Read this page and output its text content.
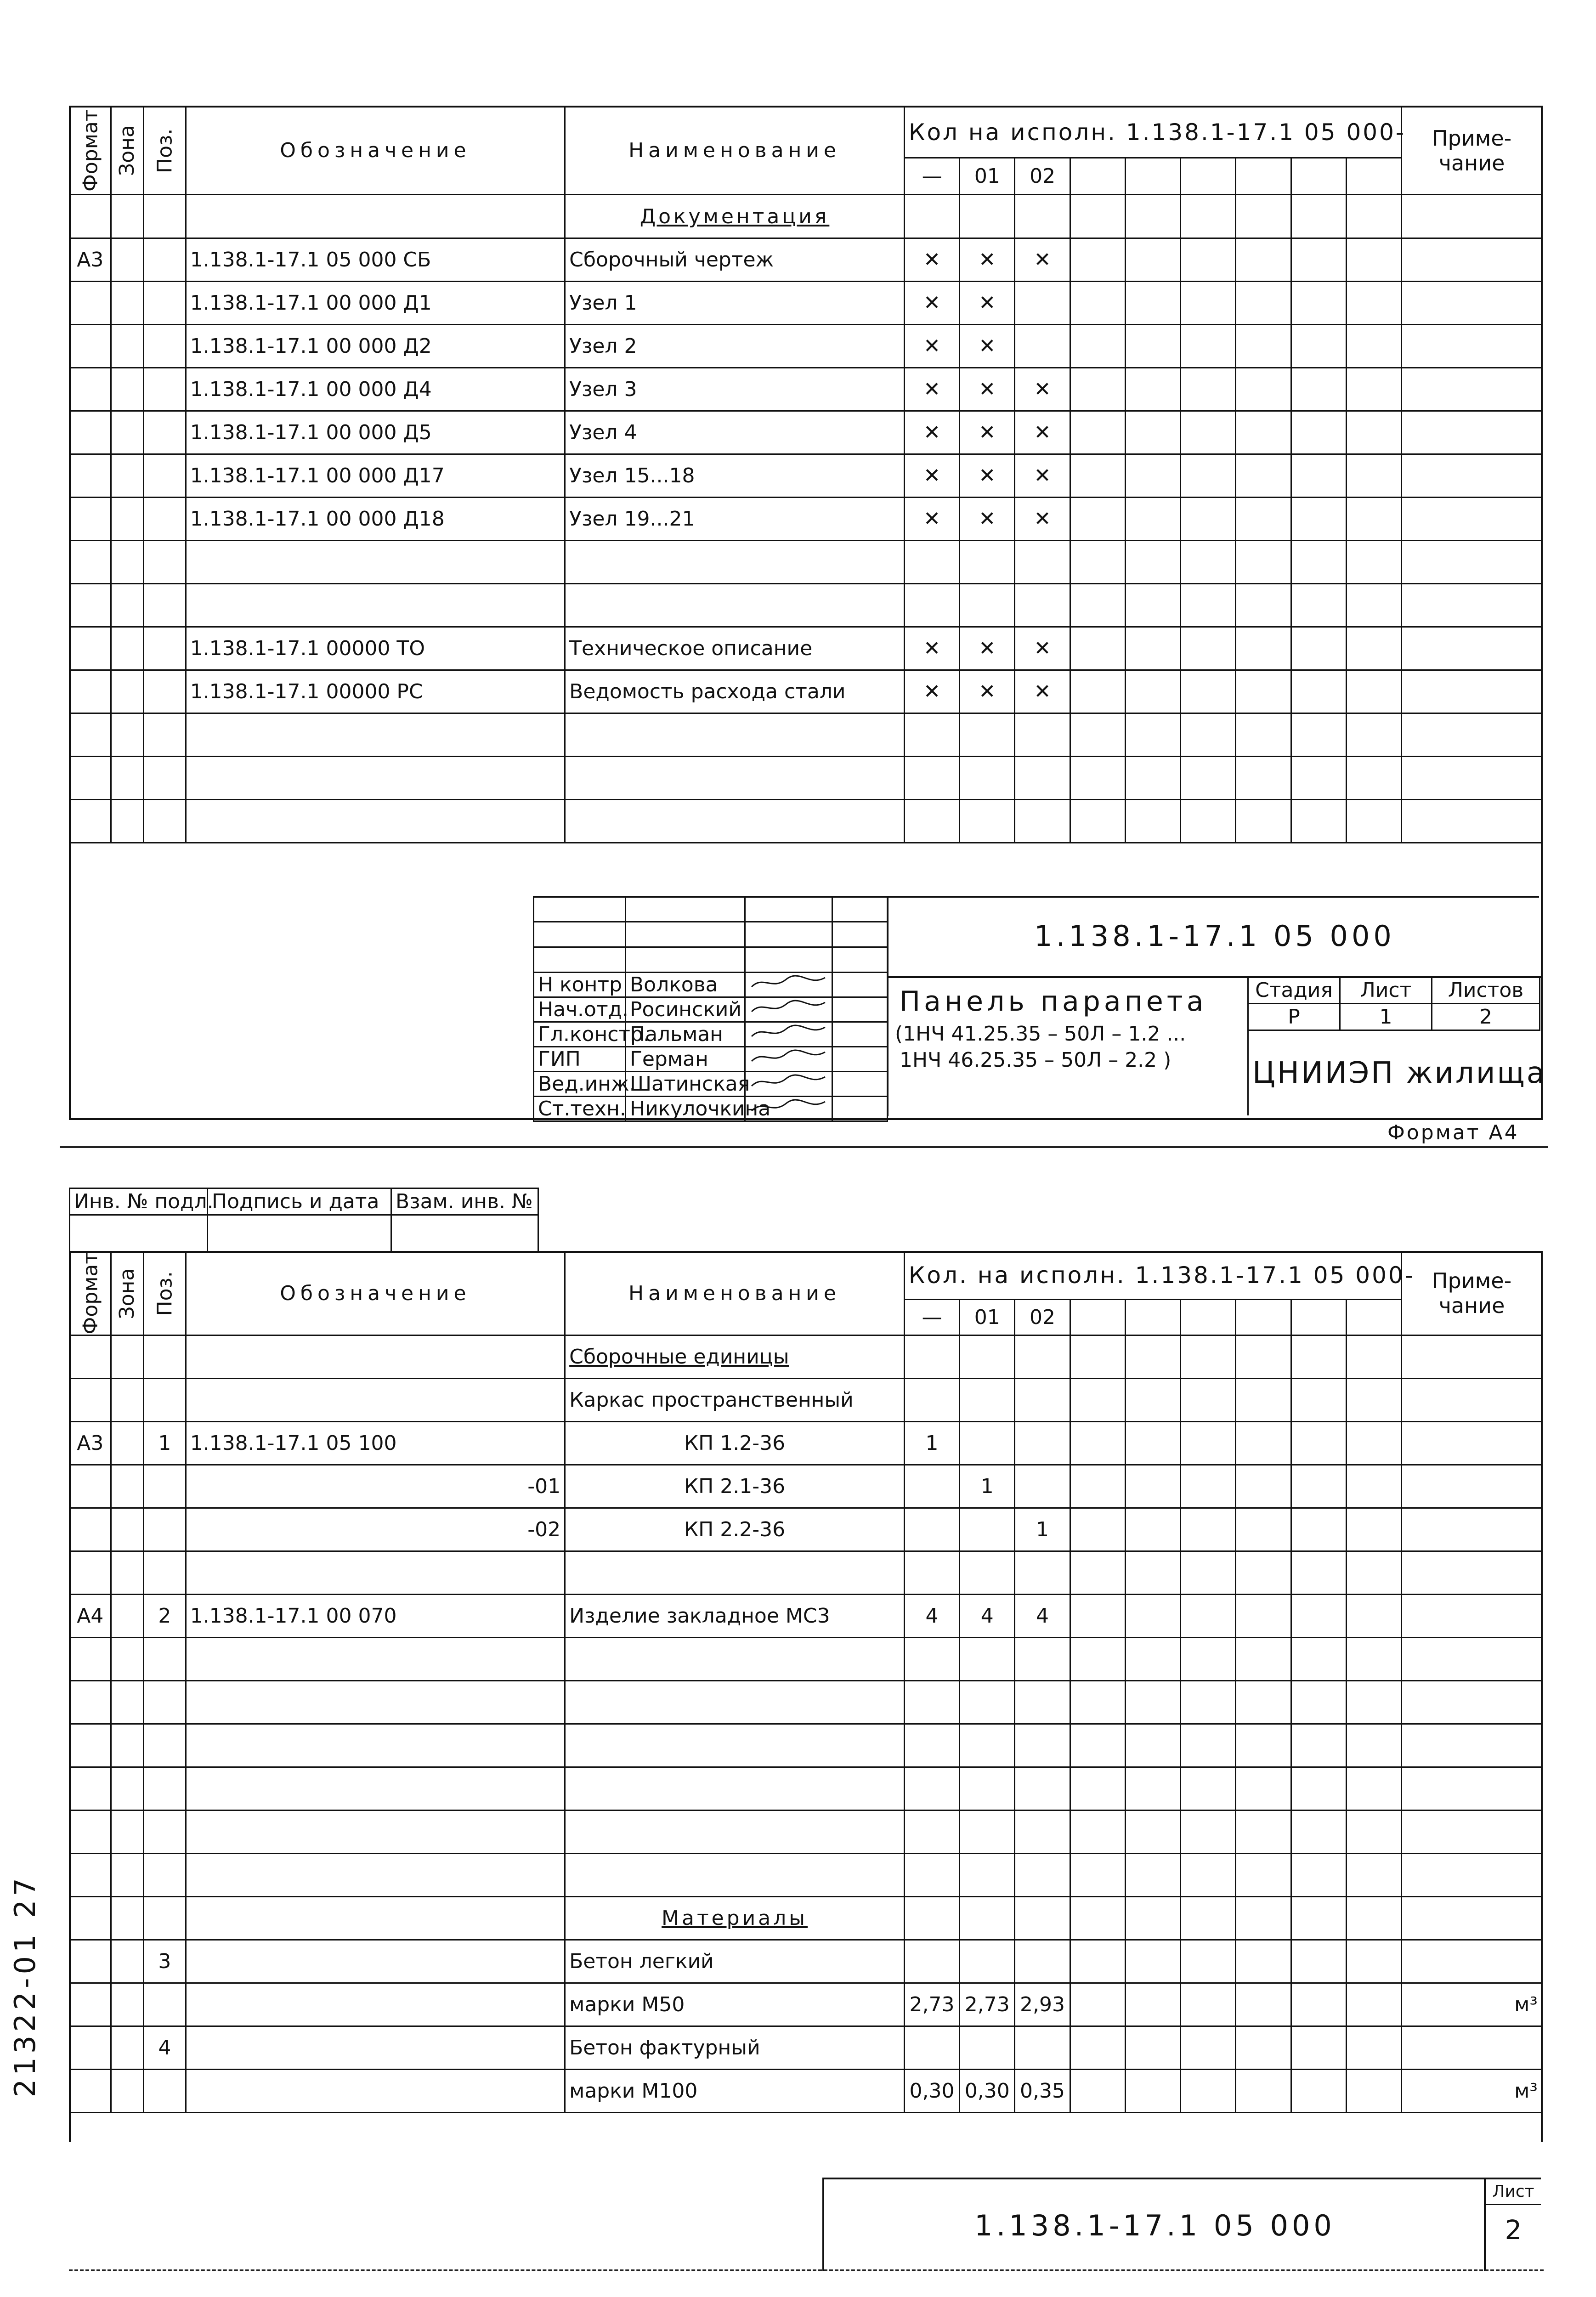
Формат	Зона	Поз.	Обозначение	Наименование	Кол на исполн. 1.138.1-17.1 05 000-									Приме-чание
					—	01	02							
				Документация										
A3			1.138.1-17.1 05 000 СБ	Сборочный чертеж	✕	✕	✕							
			1.138.1-17.1 00 000 Д1	Узел 1	✕	✕								
			1.138.1-17.1 00 000 Д2	Узел 2	✕	✕								
			1.138.1-17.1 00 000 Д4	Узел 3	✕	✕	✕							
			1.138.1-17.1 00 000 Д5	Узел 4	✕	✕	✕							
			1.138.1-17.1 00 000 Д17	Узел 15...18	✕	✕	✕							
			1.138.1-17.1 00 000 Д18	Узел 19...21	✕	✕	✕							

			1.138.1-17.1 00000 ТО	Техническое описание	✕	✕	✕							
			1.138.1-17.1 00000 РС	Ведомость расхода стали	✕	✕	✕							

Н контр	Волкова		
Нач.отд.	Росинский		
Гл.констр.	Пальман		
ГИП	Герман		
Вед.инж.	Шатинская		
Ст.техн.	Никулочкина		
1.138.1-17.1 05 000
Панель парапета
(1НЧ 41.25.35 – 50Л – 1.2 ...
1НЧ 46.25.35 – 50Л – 2.2 )
Стадия	Лист	Листов
Р	1	2
ЦНИИЭП жилища		
Формат А4
Инв. № подл.	Подпись и дата	Взам. инв. №

Формат	Зона	Поз.	Обозначение	Наименование	Кол. на исполн. 1.138.1-17.1 05 000-									Приме-чание
					—	01	02							
				Сборочные единицы										
				Каркас пространственный										
A3		1	1.138.1-17.1 05 100	КП 1.2-36	1									
			-01	КП 2.1-36		1								
			-02	КП 2.2-36			1							

A4		2	1.138.1-17.1 00 070	Изделие закладное МС3	4	4	4							

				Материалы										
		3		Бетон легкий										
				марки М50	2,73	2,73	2,93							м³
		4		Бетон фактурный										
				марки М100	0,30	0,30	0,35							м³
1.138.1-17.1 05 000
Лист
2
21322-01 27
